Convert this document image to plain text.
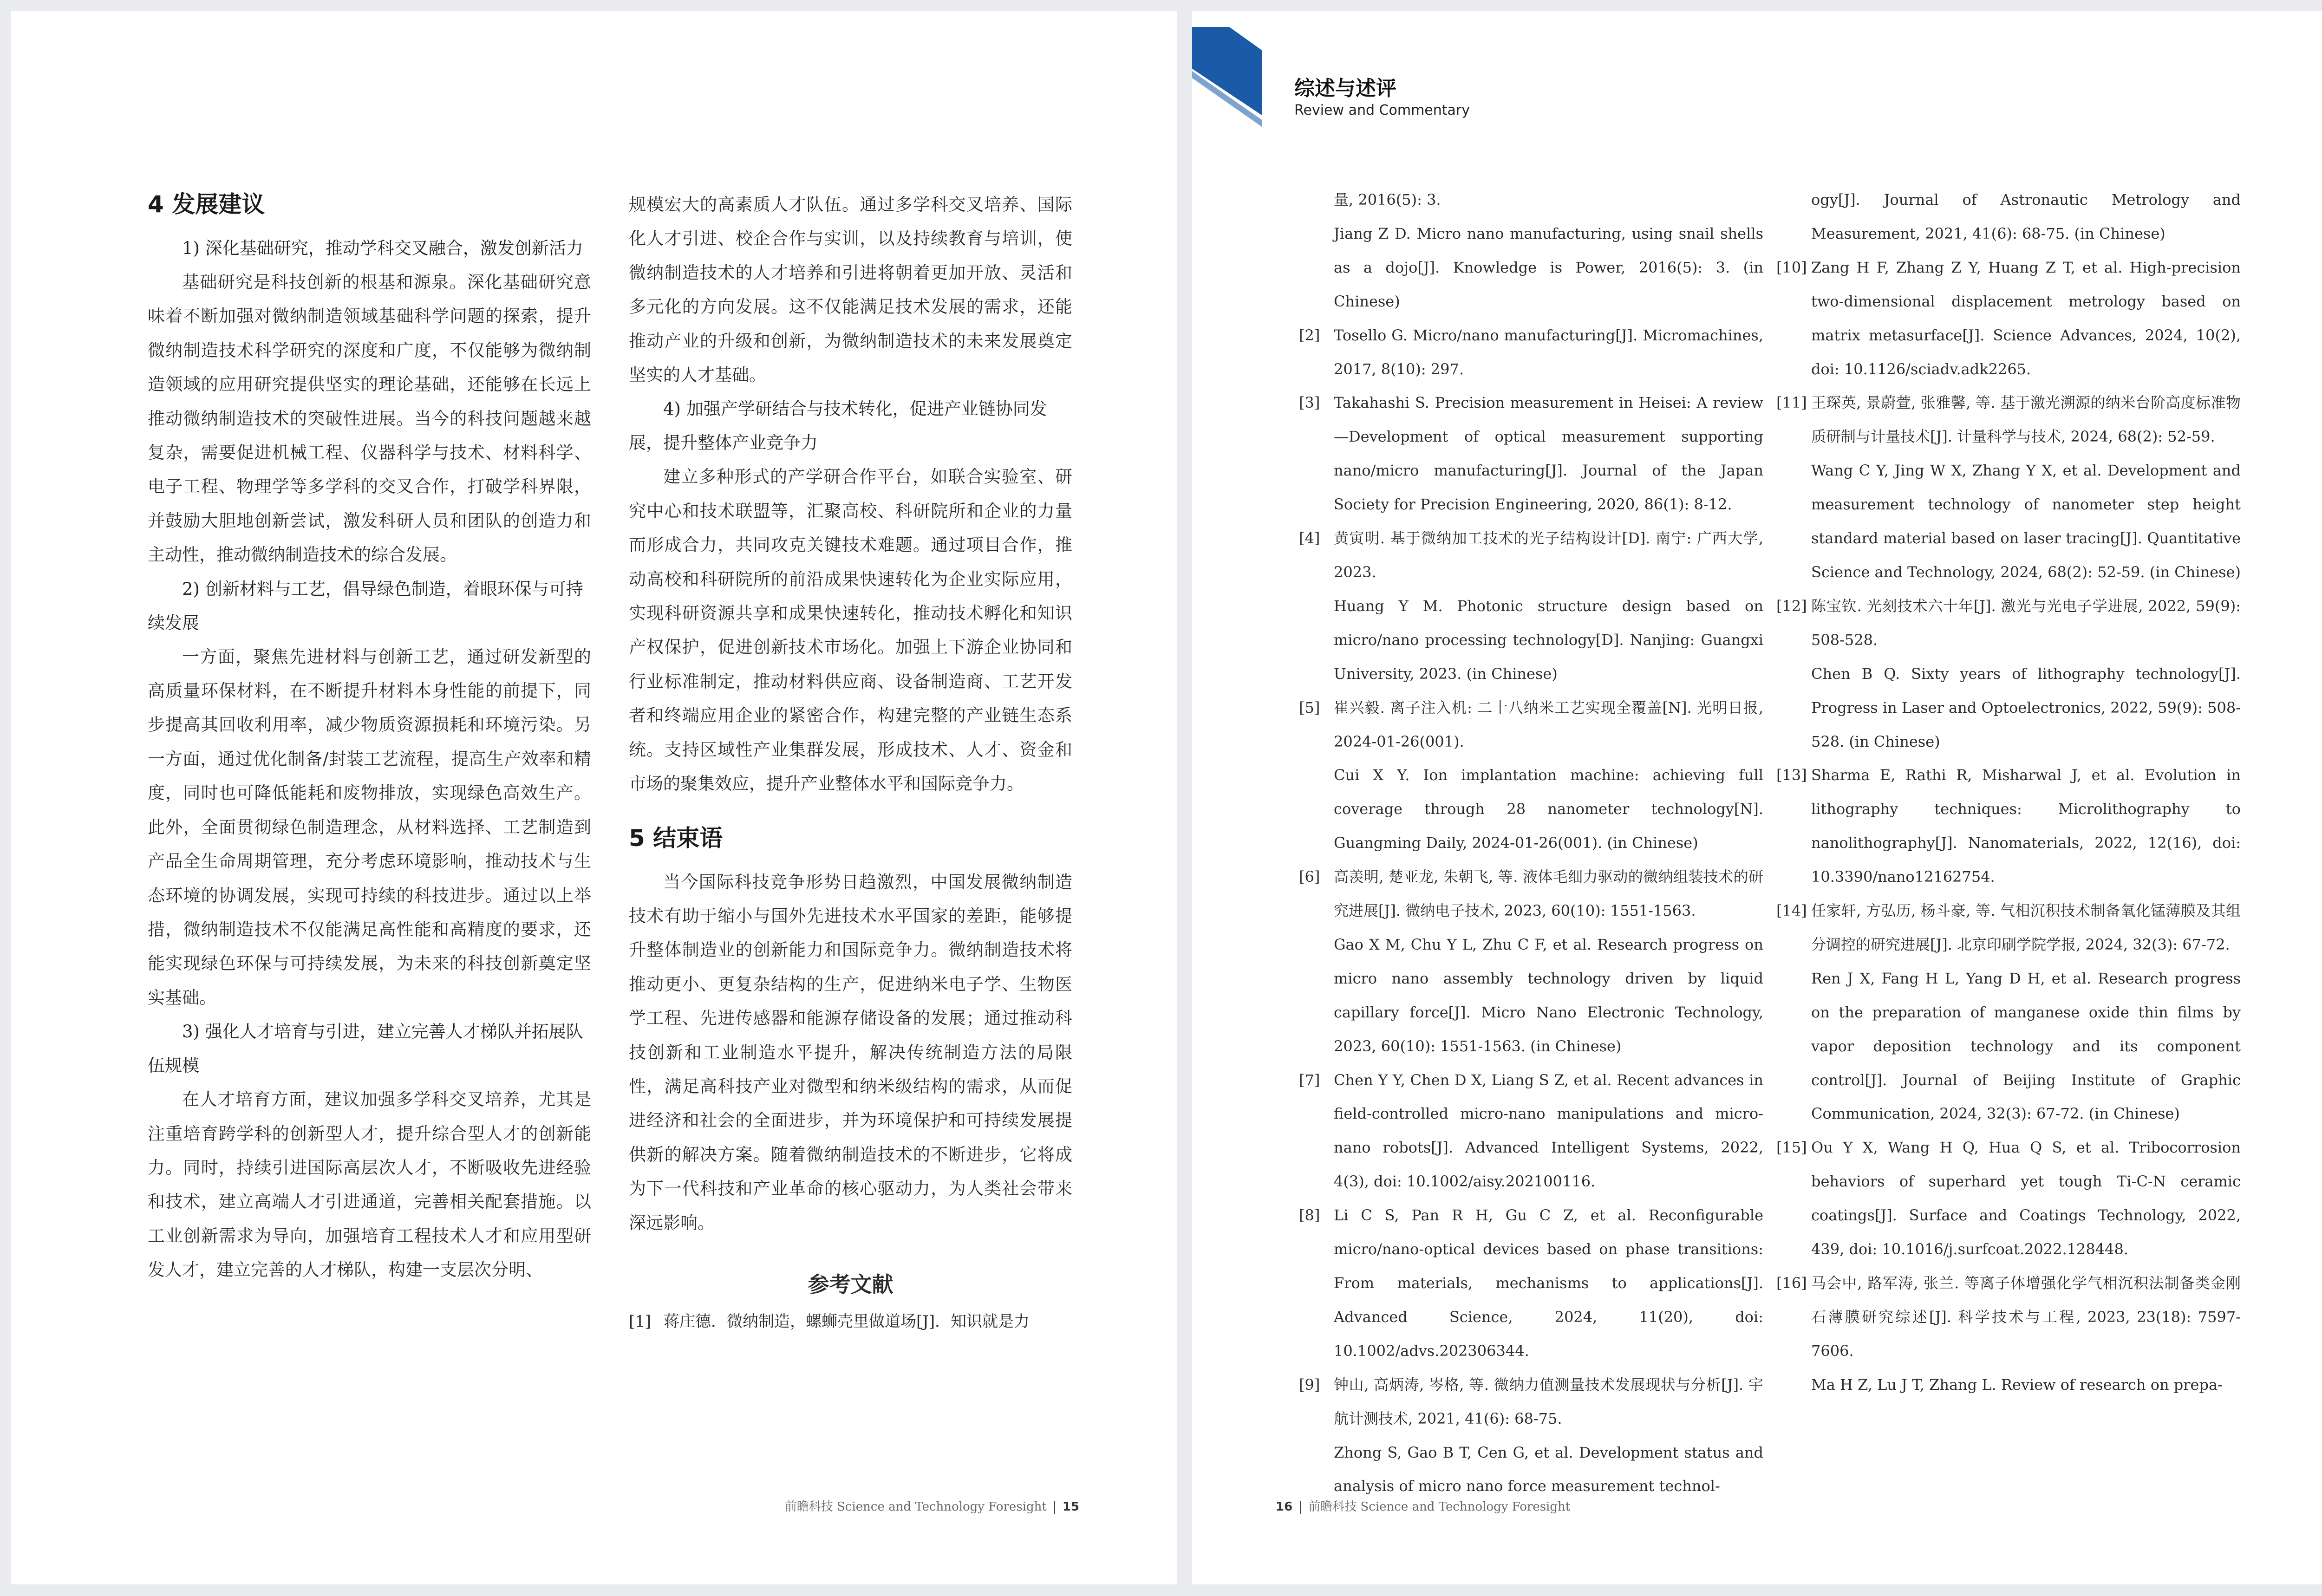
4 发展建议

1) 深化基础研究，推动学科交叉融合，激发创新活力

基础研究是科技创新的根基和源泉。深化基础研究意味着不断加强对微纳制造领域基础科学问题的探索，提升微纳制造技术科学研究的深度和广度，不仅能够为微纳制造领域的应用研究提供坚实的理论基础，还能够在长远上推动微纳制造技术的突破性进展。当今的科技问题越来越复杂，需要促进机械工程、仪器科学与技术、材料科学、电子工程、物理学等多学科的交叉合作，打破学科界限，并鼓励大胆地创新尝试，激发科研人员和团队的创造力和主动性，推动微纳制造技术的综合发展。

2) 创新材料与工艺，倡导绿色制造，着眼环保与可持续发展

一方面，聚焦先进材料与创新工艺，通过研发新型的高质量环保材料，在不断提升材料本身性能的前提下，同步提高其回收利用率，减少物质资源损耗和环境污染。另一方面，通过优化制备/封装工艺流程，提高生产效率和精度，同时也可降低能耗和废物排放，实现绿色高效生产。此外，全面贯彻绿色制造理念，从材料选择、工艺制造到产品全生命周期管理，充分考虑环境影响，推动技术与生态环境的协调发展，实现可持续的科技进步。通过以上举措，微纳制造技术不仅能满足高性能和高精度的要求，还能实现绿色环保与可持续发展，为未来的科技创新奠定坚实基础。

3) 强化人才培育与引进，建立完善人才梯队并拓展队伍规模

在人才培育方面，建议加强多学科交叉培养，尤其是注重培育跨学科的创新型人才，提升综合型人才的创新能力。同时，持续引进国际高层次人才，不断吸收先进经验和技术，建立高端人才引进通道，完善相关配套措施。以工业创新需求为导向，加强培育工程技术人才和应用型研发人才，建立完善的人才梯队，构建一支层次分明、

规模宏大的高素质人才队伍。通过多学科交叉培养、国际化人才引进、校企合作与实训，以及持续教育与培训，使微纳制造技术的人才培养和引进将朝着更加开放、灵活和多元化的方向发展。这不仅能满足技术发展的需求，还能推动产业的升级和创新，为微纳制造技术的未来发展奠定坚实的人才基础。

4) 加强产学研结合与技术转化，促进产业链协同发展，提升整体产业竞争力

建立多种形式的产学研合作平台，如联合实验室、研究中心和技术联盟等，汇聚高校、科研院所和企业的力量而形成合力，共同攻克关键技术难题。通过项目合作，推动高校和科研院所的前沿成果快速转化为企业实际应用，实现科研资源共享和成果快速转化，推动技术孵化和知识产权保护，促进创新技术市场化。加强上下游企业协同和行业标准制定，推动材料供应商、设备制造商、工艺开发者和终端应用企业的紧密合作，构建完整的产业链生态系统。支持区域性产业集群发展，形成技术、人才、资金和市场的聚集效应，提升产业整体水平和国际竞争力。

5 结束语

当今国际科技竞争形势日趋激烈，中国发展微纳制造技术有助于缩小与国外先进技术水平国家的差距，能够提升整体制造业的创新能力和国际竞争力。微纳制造技术将推动更小、更复杂结构的生产，促进纳米电子学、生物医学工程、先进传感器和能源存储设备的发展；通过推动科技创新和工业制造水平提升，解决传统制造方法的局限性，满足高科技产业对微型和纳米级结构的需求，从而促进经济和社会的全面进步，并为环境保护和可持续发展提供新的解决方案。随着微纳制造技术的不断进步，它将成为下一代科技和产业革命的核心驱动力，为人类社会带来深远影响。

参考文献
[1] 蒋庄德．微纳制造，螺蛳壳里做道场[J]．知识就是力
前瞻科技 Science and Technology Foresight 15
综述与述评
Review and Commentary
量, 2016(5): 3.
Jiang Z D. Micro nano manufacturing, using snail shells as a dojo[J]. Knowledge is Power, 2016(5): 3. (in Chinese)
[2] Tosello G. Micro/nano manufacturing[J]. Micromachines, 2017, 8(10): 297.
[3] Takahashi S. Precision measurement in Heisei: A review—Development of optical measurement supporting nano/micro manufacturing[J]. Journal of the Japan Society for Precision Engineering, 2020, 86(1): 8-12.
[4] 黄寅明. 基于微纳加工技术的光子结构设计[D]. 南宁: 广西大学, 2023.
Huang Y M. Photonic structure design based on micro/nano processing technology[D]. Nanjing: Guangxi University, 2023. (in Chinese)
[5] 崔兴毅. 离子注入机: 二十八纳米工艺实现全覆盖[N]. 光明日报, 2024-01-26(001).
Cui X Y. Ion implantation machine: achieving full coverage through 28 nanometer technology[N]. Guangming Daily, 2024-01-26(001). (in Chinese)
[6] 高羡明, 楚亚龙, 朱朝飞, 等. 液体毛细力驱动的微纳组装技术的研究进展[J]. 微纳电子技术, 2023, 60(10): 1551-1563.
Gao X M, Chu Y L, Zhu C F, et al. Research progress on micro nano assembly technology driven by liquid capillary force[J]. Micro Nano Electronic Technology, 2023, 60(10): 1551-1563. (in Chinese)
[7] Chen Y Y, Chen D X, Liang S Z, et al. Recent advances in field-controlled micro-nano manipulations and micro-nano robots[J]. Advanced Intelligent Systems, 2022, 4(3), doi: 10.1002/aisy.202100116.
[8] Li C S, Pan R H, Gu C Z, et al. Reconfigurable micro/nano-optical devices based on phase transitions: From materials, mechanisms to applications[J]. Advanced Science, 2024, 11(20), doi: 10.1002/advs.202306344.
[9] 钟山, 高炳涛, 岑格, 等. 微纳力值测量技术发展现状与分析[J]. 宇航计测技术, 2021, 41(6): 68-75.
Zhong S, Gao B T, Cen G, et al. Development status and analysis of micro nano force measurement technol-
ogy[J]. Journal of Astronautic Metrology and Measurement, 2021, 41(6): 68-75. (in Chinese)
[10] Zang H F, Zhang Z Y, Huang Z T, et al. High-precision two-dimensional displacement metrology based on matrix metasurface[J]. Science Advances, 2024, 10(2), doi: 10.1126/sciadv.adk2265.
[11] 王琛英, 景蔚萱, 张雅馨, 等. 基于激光溯源的纳米台阶高度标准物质研制与计量技术[J]. 计量科学与技术, 2024, 68(2): 52-59.
Wang C Y, Jing W X, Zhang Y X, et al. Development and measurement technology of nanometer step height standard material based on laser tracing[J]. Quantitative Science and Technology, 2024, 68(2): 52-59. (in Chinese)
[12] 陈宝钦. 光刻技术六十年[J]. 激光与光电子学进展, 2022, 59(9): 508-528.
Chen B Q. Sixty years of lithography technology[J]. Progress in Laser and Optoelectronics, 2022, 59(9): 508-528. (in Chinese)
[13] Sharma E, Rathi R, Misharwal J, et al. Evolution in lithography techniques: Microlithography to nanolithography[J]. Nanomaterials, 2022, 12(16), doi: 10.3390/nano12162754.
[14] 任家轩, 方弘历, 杨斗豪, 等. 气相沉积技术制备氧化锰薄膜及其组分调控的研究进展[J]. 北京印刷学院学报, 2024, 32(3): 67-72.
Ren J X, Fang H L, Yang D H, et al. Research progress on the preparation of manganese oxide thin films by vapor deposition technology and its component control[J]. Journal of Beijing Institute of Graphic Communication, 2024, 32(3): 67-72. (in Chinese)
[15] Ou Y X, Wang H Q, Hua Q S, et al. Tribocorrosion behaviors of superhard yet tough Ti-C-N ceramic coatings[J]. Surface and Coatings Technology, 2022, 439, doi: 10.1016/j.surfcoat.2022.128448.
[16] 马会中, 路军涛, 张兰. 等离子体增强化学气相沉积法制备类金刚石薄膜研究综述[J]. 科学技术与工程, 2023, 23(18): 7597-7606.
Ma H Z, Lu J T, Zhang L. Review of research on prepa-
16 前瞻科技 Science and Technology Foresight
